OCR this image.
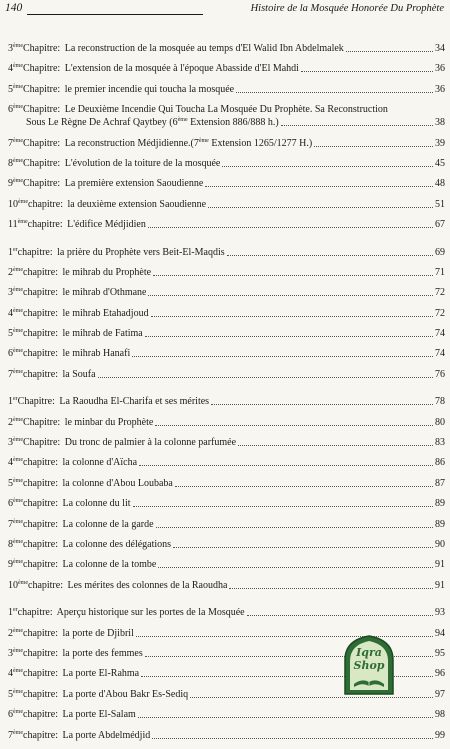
140	Histoire de la Mosquée Honorée Du Prophète
3èmeChapitre: La reconstruction de la mosquée au temps d'El Walid Ibn Abdelmalek	34
4èmeChapitre: L'extension de la mosquée à l'époque Abasside d'El Mahdi	36
5èmeChapitre: le premier incendie qui toucha la mosquée	36
6èmeChapitre: Le Deuxième Incendie Qui Toucha La Mosquée Du Prophète. Sa Reconstruction
Sous Le Règne De Achraf Qaytbey (6ème Extension 886/888 h.)	38
7èmeChapitre: La reconstruction Médjidienne.(7ème Extension 1265/1277 H.)	39
8èmeChapitre: L'évolution de la toiture de la mosquée	45
9èmeChapitre: La première extension Saoudienne	48
10èmechapitre: la deuxième extension Saoudienne	51
11èmechapitre: L'édifice Médjidien	67
1erchapitre: la prière du Prophète vers Beit-El-Maqdis	69
2èmechapitre: le mihrab du Prophète	71
3èmechapitre: le mihrab d'Othmane	72
4èmechapitre: le mihrab Etahadjoud	72
5èmechapitre: le mihrab de Fatima	74
6èmechapitre: le mihrab Hanafi	74
7èmechapitre: la Soufa	76
1erChapitre: La Raoudha El-Charifa et ses mérites	78
2èmeChapitre: le minbar du Prophète	80
3èmeChapitre: Du tronc de palmier à la colonne parfumée	83
4èmechapitre: la colonne d'Aïcha	86
5èmechapitre: la colonne d'Abou Loubaba	87
6èmechapitre: La colonne du lit	89
7èmechapitre: La colonne de la garde	89
8èmechapitre: La colonne des délégations	90
9èmechapitre: La colonne de la tombe	91
10èmechapitre: Les mérites des colonnes de la Raoudha	91
1erchapitre: Aperçu historique sur les portes de la Mosquée	93
2èmechapitre: la porte de Djibril	94
3èmechapitre: la porte des femmes	95
4èmechapitre: La porte El-Rahma	96
5èmechapitre: La porte d'Abou Bakr Es-Sediq	97
6èmechapitre: La porte El-Salam	98
7èmechapitre: La porte Abdelmédjid	99
Iqra
Shop
